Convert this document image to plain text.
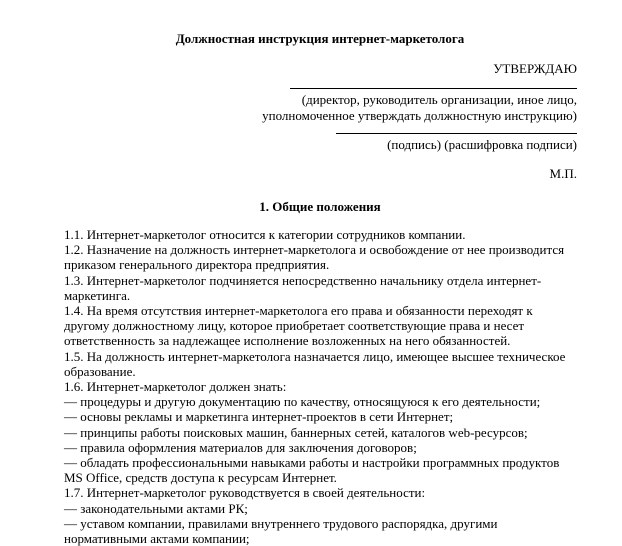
Должностная инструкция интернет-маркетолога
УТВЕРЖДАЮ
(директор, руководитель организации, иное лицо,
уполномоченное утверждать должностную инструкцию)
(подпись) (расшифровка подписи)
М.П.
1. Общие положения
1.1. Интернет-маркетолог относится к категории сотрудников компании.
1.2. Назначение на должность интернет-маркетолога и освобождение от нее производится
приказом генерального директора предприятия.
1.3. Интернет-маркетолог подчиняется непосредственно начальнику отдела интернет-
маркетинга.
1.4. На время отсутствия интернет-маркетолога его права и обязанности переходят к
другому должностному лицу, которое приобретает соответствующие права и несет
ответственность за надлежащее исполнение возложенных на него обязанностей.
1.5. На должность интернет-маркетолога назначается лицо, имеющее высшее техническое
образование.
1.6. Интернет-маркетолог должен знать:
— процедуры и другую документацию по качеству, относящуюся к его деятельности;
— основы рекламы и маркетинга интернет-проектов в сети Интернет;
— принципы работы поисковых машин, баннерных сетей, каталогов web-ресурсов;
— правила оформления материалов для заключения договоров;
— обладать профессиональными навыками работы и настройки программных продуктов
MS Office, средств доступа к ресурсам Интернет.
1.7. Интернет-маркетолог руководствуется в своей деятельности:
— законодательными актами РК;
— уставом компании, правилами внутреннего трудового распорядка, другими
нормативными актами компании;
